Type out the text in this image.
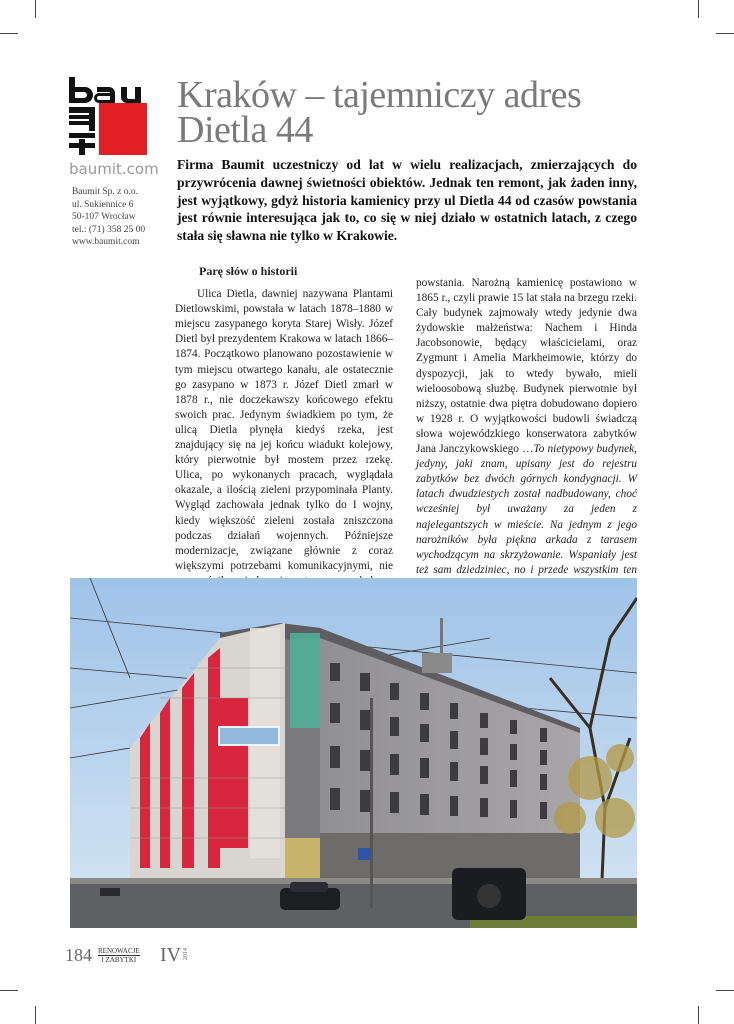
baumit.com
Baumit Sp. z o.o.
ul. Sukiennice 6
50-107 Wrocław
tel.: (71) 358 25 00
www.baumit.com
Kraków – tajemniczy adres
Dietla 44
Firma Baumit uczestniczy od lat w wielu realizacjach, zmierzających do przywrócenia dawnej świetności obiektów. Jednak ten remont, jak żaden inny, jest wyjątkowy, gdyż historia kamienicy przy ul Dietla 44 od czasów powstania jest równie interesująca jak to, co się w niej działo w ostatnich latach, z czego stała się sławna nie tylko w Krakowie.
Parę słów o historii

Ulica Dietla, dawniej nazywana Plantami Dietlowskimi, powstała w latach 1878–1880 w miejscu zasypanego koryta Starej Wisły. Józef Dietl był prezydentem Krakowa w latach 1866–1874. Początkowo planowano pozostawienie w tym miejscu otwartego kanału, ale ostatecznie go zasypano w 1873 r. Józef Dietl zmarł w 1878 r., nie doczekawszy końcowego efektu swoich prac. Jedynym świadkiem po tym, że ulicą Dietla płynęła kiedyś rzeka, jest znajdujący się na jej końcu wiadukt kolejowy, który pierwotnie był mostem przez rzekę. Ulica, po wykonanych pracach, wyglądała okazale, a ilością zieleni przypominała Planty. Wygląd zachowała jednak tylko do I wojny, kiedy większość zieleni została zniszczona podczas działań wojennych. Późniejsze modernizacje, związane głównie z coraz większymi potrzebami komunikacyjnymi, nie

powstania. Narożną kamienicę postawiono w 1865 r., czyli prawie 15 lat stała na brzegu rzeki. Cały budynek zajmowały wtedy jedynie dwa żydowskie małżeństwa: Nachem i Hinda Jacobsonowie, będący właścicielami, oraz Zygmunt i Amelia Markheimowie, którzy do dyspozycji, jak to wtedy bywało, mieli wieloosobową służbę. Budynek pierwotnie był niższy, ostatnie dwa piętra dobudowano dopiero w 1928 r. O wyjątkowości budowli świadczą słowa wojewódzkiego konserwatora zabytków Jana Janczykowskiego …To nietypowy budynek, jedyny, jaki znam, upisany jest do rejestru zabytków bez dwóch górnych kondygnacji. W latach dwudziestych został nadbudowany, choć wcześniej był uważany za jeden z najelegantszych w mieście. Na jednym z jego narożników była piękna arkada z tarasem wychodzącym na skrzyżowanie. Wspaniały jest też sam dziedziniec, no i przede wszystkim ten

184 RENOWACJE
I ZABYTKI IV 2014
